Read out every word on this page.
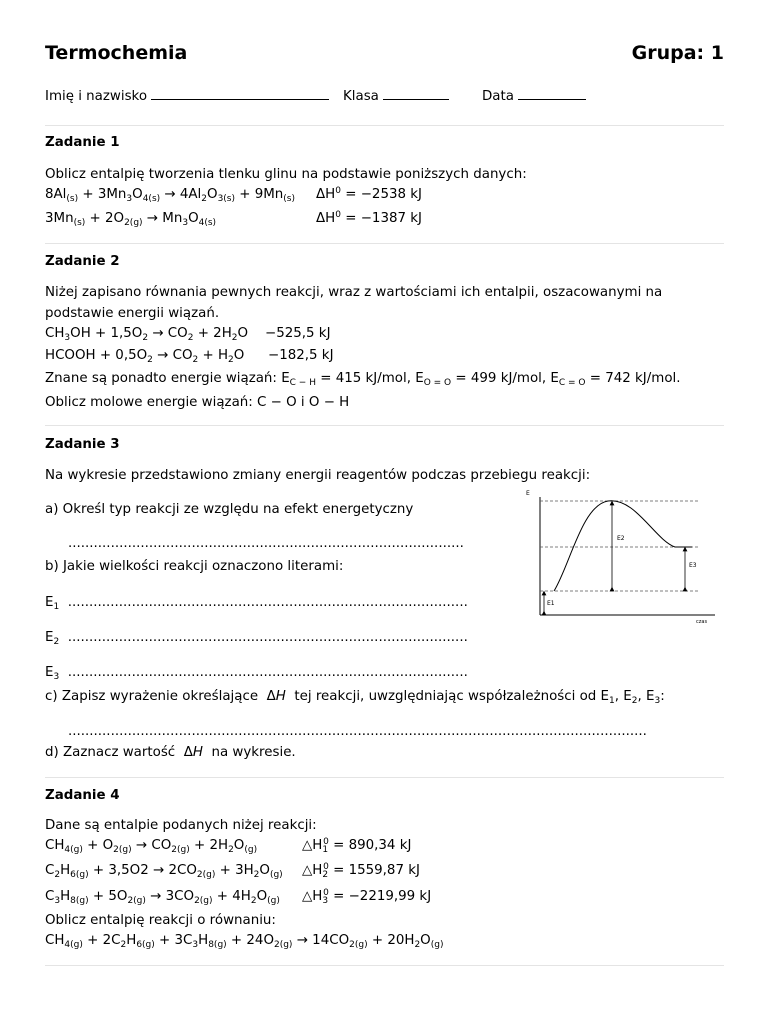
Termochemia	Grupa: 1
Imię i nazwisko	Klasa	Data
Zadanie 1
Oblicz entalpię tworzenia tlenku glinu na podstawie poniższych danych:
$8Al_{(s)} + 3Mn_3O_{4(s)} \to 4Al_2O_{3(s)} + 9Mn_{(s)}$ $\Delta H^0 = -2538$ kJ
$3Mn_{(s)} + 2O_{2(g)} \to Mn_3O_{4(s)}$	$\Delta H^0 = -1387$ kJ
Zadanie 2
Niżej zapisano równania pewnych reakcji, wraz z wartościami ich entalpii, oszacowanymi na
podstawie energii wiązań.
$CH_3OH + 1,5O_2 \to CO_2 + 2H_2O -525,5$ kJ
HCOOH + $0,5O_2 \to CO_2 + H_2O -182,5$ kJ
Znane są ponadto energie wiązań: $E_{C - H} = 415$ kJ/mol, $E_{O = O} = 499$ kJ/mol, $E_{C = O} = 742$ kJ/mol.
Oblicz molowe energie wiązań: C − O i O − H
Zadanie 3
Na wykresie przedstawiono zmiany energii reagentów podczas przebiegu reakcji:
a) Określ typ reakcji ze względu na efekt energetyczny
.............................................................................................
b) Jakie wielkości reakcji oznaczono literami:
$E_1$ ..............................................................................................
$E_2$ ..............................................................................................
$E_3$ ..............................................................................................
c) Zapisz wyrażenie określające  ΔH tej reakcji, uwzględniając współzależności od $E_1$, $E_2$, $E_3$:
........................................................................................................................................
d) Zaznacz wartość  ΔH na wykresie.
E
czas
E1
E2
E3
Zadanie 4
Dane są entalpie podanych niżej reakcji:
$CH_{4(g)} + O_{2(g)} \to CO_{2(g)} + 2H_2O_{(g)}$	$\triangle H_1^0 = 890,34$ kJ
$C_2H_{6(g)} + 3,5O2 \to 2CO_{2(g)} + 3H_2O_{(g)}$ $\triangle H_2^0 = 1559,87$ kJ
$C_3H_{8(g)} + 5O_{2(g)} \to 3CO_{2(g)} + 4H_2O_{(g)}$ $\triangle H_3^0 = -2219,99$ kJ
Oblicz entalpię reakcji o równaniu:
$CH_{4(g)} + 2C_2H_{6(g)} + 3C_3H_{8(g)} + 24O_{2(g)} \to 14CO_{2(g)} + 20H_2O_{(g)}$
